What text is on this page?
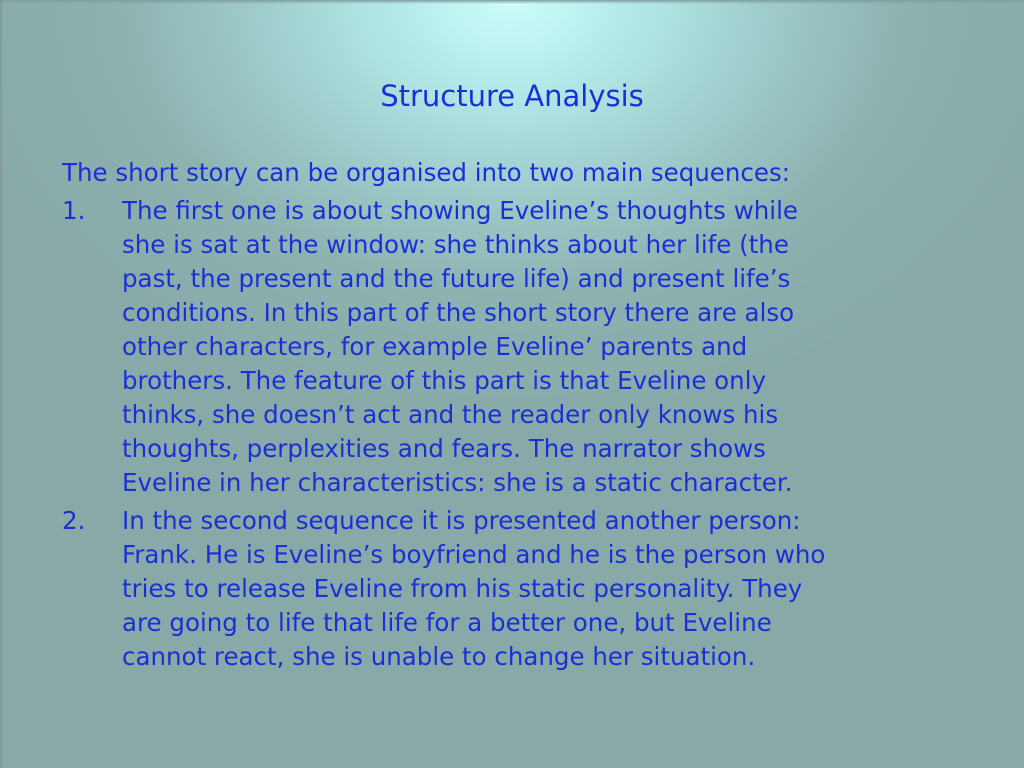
Structure Analysis

The short story can be organised into two main sequences:

1. The first one is about showing Eveline’s thoughts while
she is sat at the window: she thinks about her life (the
past, the present and the future life) and present life’s
conditions. In this part of the short story there are also
other characters, for example Eveline’ parents and
brothers. The feature of this part is that Eveline only
thinks, she doesn’t act and the reader only knows his
thoughts, perplexities and fears. The narrator shows
Eveline in her characteristics: she is a static character.
2. In the second sequence it is presented another person:
Frank. He is Eveline’s boyfriend and he is the person who
tries to release Eveline from his static personality. They
are going to life that life for a better one, but Eveline
cannot react, she is unable to change her situation.
